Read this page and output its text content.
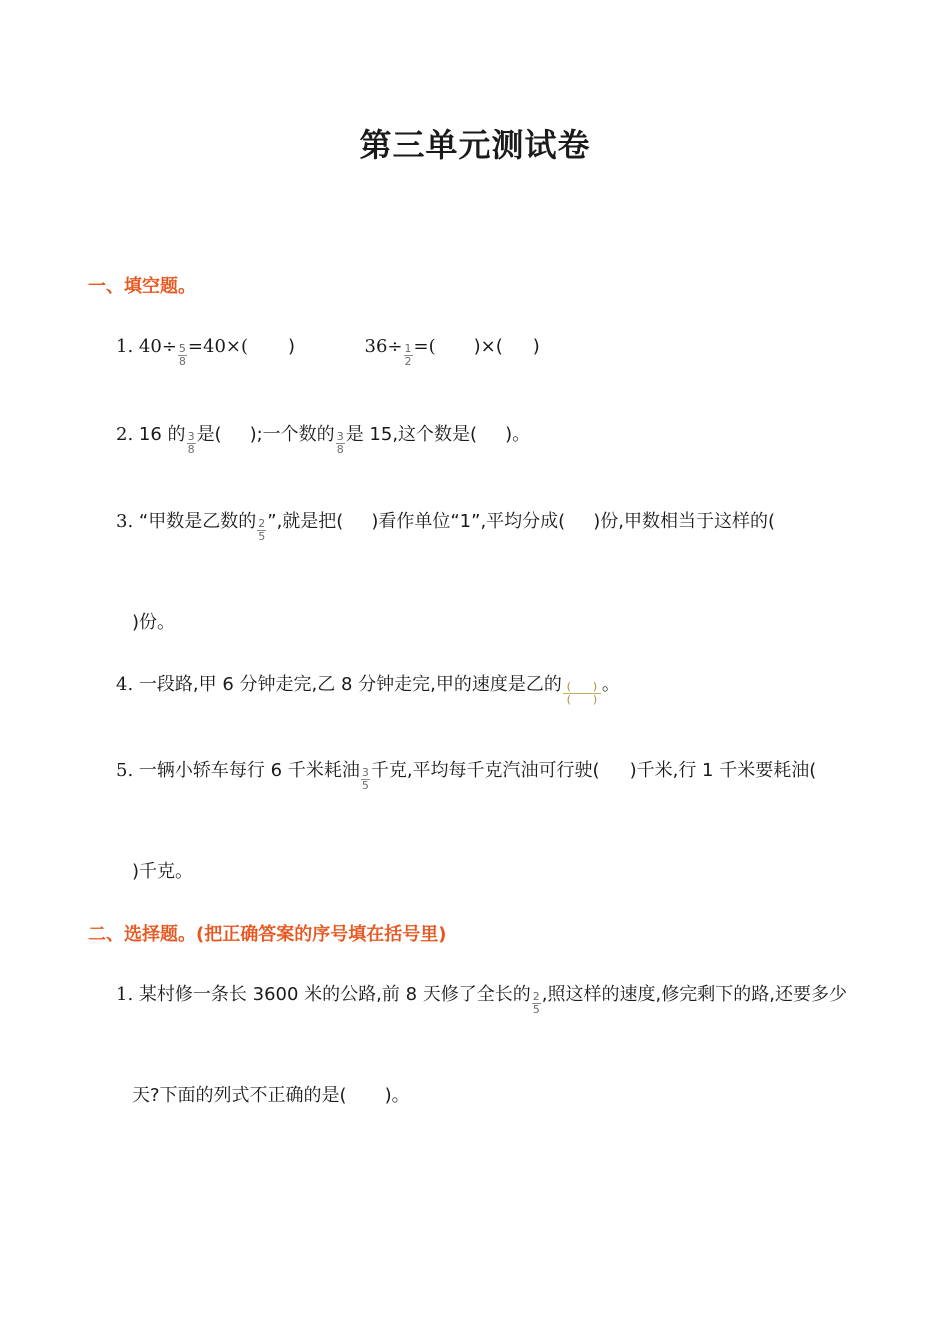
第三单元测试卷
一、填空题。
1. $40\div \frac{5}{8} =40\times$( )	$36\div \frac{1}{2}$ =( )×( )
2. 16 的 $\frac{3}{8}$ 是( );一个数的 $\frac{3}{8}$ 是 15,这个数是( )。
3. “甲数是乙数的 $\frac{2}{5}$ ”,就是把( )看作单位“1”,平均分成( )份,甲数相当于这样的(
)份。
4. 一段路,甲 6 分钟走完,乙 8 分钟走完,甲的速度是乙的 $\frac{( )}{( )}$ 。
5. 一辆小轿车每行 6 千米耗油 $\frac{3}{5}$ 千克,平均每千克汽油可行驶( )千米,行 1 千米要耗油(
)千克。
二、选择题。(把正确答案的序号填在括号里)
1. 某村修一条长 3600 米的公路,前 8 天修了全长的 $\frac{2}{5}$ ,照这样的速度,修完剩下的路,还要多少
天?下面的列式不正确的是( )。
